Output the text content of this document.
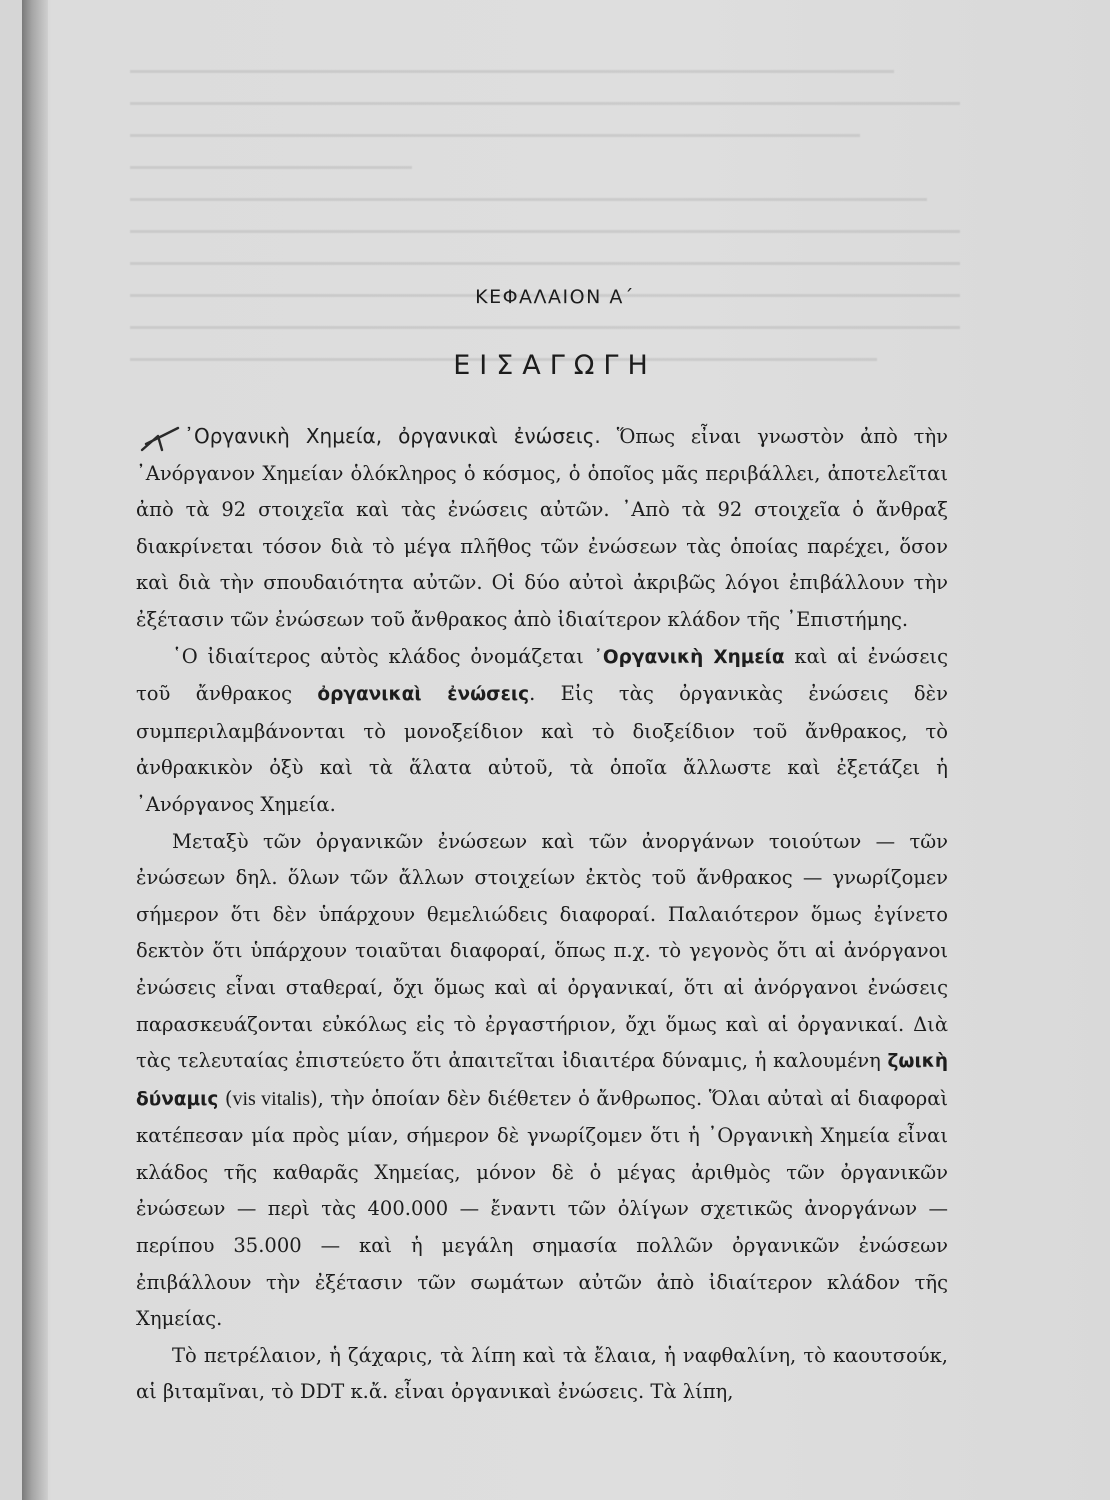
ΚΕΦΑΛΑΙΟΝ Α΄
ΕΙΣΑΓΩΓΗ

᾿Οργανικὴ Χημεία, ὀργανικαὶ ἐνώσεις. Ὅπως εἶναι γνωστὸν ἀπὸ τὴν ᾿Ανόργανον Χημείαν ὁλόκληρος ὁ κόσμος, ὁ ὁποῖος μᾶς περιβάλλει, ἀποτελεῖται ἀπὸ τὰ 92 στοιχεῖα καὶ τὰς ἐνώσεις αὐτῶν. ᾿Απὸ τὰ 92 στοιχεῖα ὁ ἄνθραξ διακρίνεται τόσον διὰ τὸ μέγα πλῆθος τῶν ἐνώσεων τὰς ὁποίας παρέχει, ὅσον καὶ διὰ τὴν σπουδαιότητα αὐτῶν. Οἱ δύο αὐτοὶ ἀκριβῶς λόγοι ἐπιβάλλουν τὴν ἐξέτασιν τῶν ἐνώσεων τοῦ ἄνθρακος ἀπὸ ἰδιαίτερον κλάδον τῆς ᾿Επιστήμης.

῾Ο ἰδιαίτερος αὐτὸς κλάδος ὀνομάζεται ᾿Οργανικὴ Χημεία καὶ αἱ ἐνώσεις τοῦ ἄνθρακος ὀργανικαὶ ἐνώσεις. Εἰς τὰς ὀργανικὰς ἐνώσεις δὲν συμπεριλαμβάνονται τὸ μονοξείδιον καὶ τὸ διοξείδιον τοῦ ἄνθρακος, τὸ ἀνθρακικὸν ὀξὺ καὶ τὰ ἅλατα αὐτοῦ, τὰ ὁποῖα ἄλλωστε καὶ ἐξετάζει ἡ ᾿Ανόργανος Χημεία.

Μεταξὺ τῶν ὀργανικῶν ἐνώσεων καὶ τῶν ἀνοργάνων τοιούτων — τῶν ἐνώσεων δηλ. ὅλων τῶν ἄλλων στοιχείων ἐκτὸς τοῦ ἄνθρακος — γνωρίζομεν σήμερον ὅτι δὲν ὑπάρχουν θεμελιώδεις διαφοραί. Παλαιότερον ὅμως ἐγίνετο δεκτὸν ὅτι ὑπάρχουν τοιαῦται διαφοραί, ὅπως π.χ. τὸ γεγονὸς ὅτι αἱ ἀνόργανοι ἐνώσεις εἶναι σταθεραί, ὄχι ὅμως καὶ αἱ ὀργανικαί, ὅτι αἱ ἀνόργανοι ἐνώσεις παρασκευάζονται εὐκόλως εἰς τὸ ἐργαστήριον, ὄχι ὅμως καὶ αἱ ὀργανικαί. Διὰ τὰς τελευταίας ἐπιστεύετο ὅτι ἀπαιτεῖται ἰδιαιτέρα δύναμις, ἡ καλουμένη ζωικὴ δύναμις (vis vitalis), τὴν ὁποίαν δὲν διέθετεν ὁ ἄνθρωπος. Ὅλαι αὐταὶ αἱ διαφοραὶ κατέπεσαν μία πρὸς μίαν, σήμερον δὲ γνωρίζομεν ὅτι ἡ ᾿Οργανικὴ Χημεία εἶναι κλάδος τῆς καθαρᾶς Χημείας, μόνον δὲ ὁ μέγας ἀριθμὸς τῶν ὀργανικῶν ἐνώσεων — περὶ τὰς 400.000 — ἔναντι τῶν ὀλίγων σχετικῶς ἀνοργάνων — περίπου 35.000 — καὶ ἡ μεγάλη σημασία πολλῶν ὀργανικῶν ἐνώσεων ἐπιβάλλουν τὴν ἐξέτασιν τῶν σωμάτων αὐτῶν ἀπὸ ἰδιαίτερον κλάδον τῆς Χημείας.

Τὸ πετρέλαιον, ἡ ζάχαρις, τὰ λίπη καὶ τὰ ἔλαια, ἡ ναφθαλίνη, τὸ καουτσούκ, αἱ βιταμῖναι, τὸ DDT κ.ἄ. εἶναι ὀργανικαὶ ἐνώσεις. Τὰ λίπη,
